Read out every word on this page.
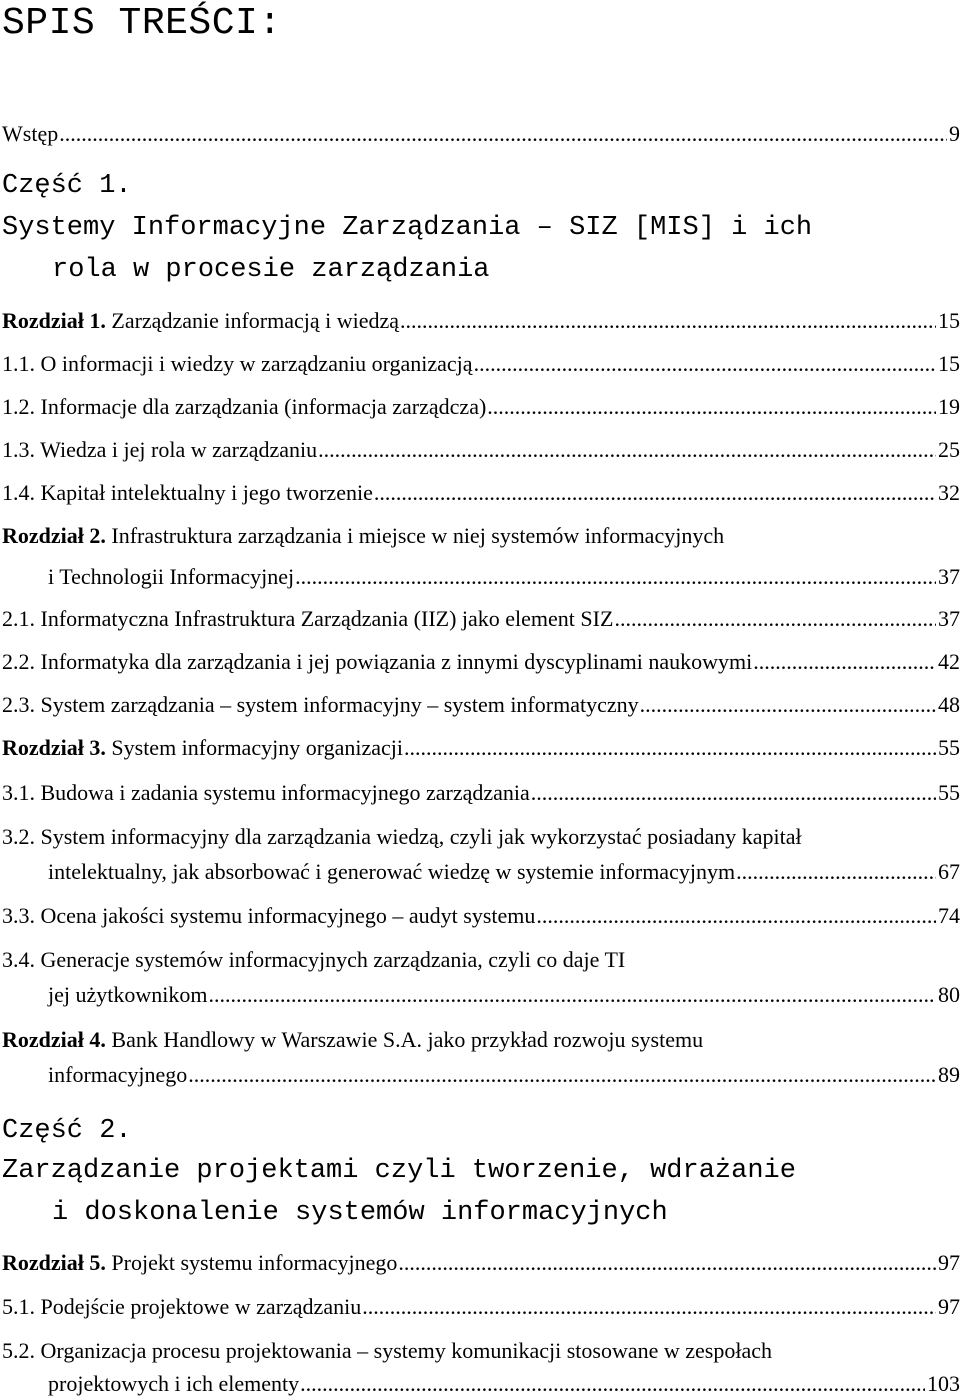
SPIS TREŚCI:
Wstęp .....	9
Część 1.
Systemy Informacyjne Zarządzania – SIZ [MIS] i ich
rola w procesie zarządzania
Rozdział 1. Zarządzanie informacją i wiedzą .....	15
1.1. O informacji i wiedzy w zarządzaniu organizacją .....	15
1.2. Informacje dla zarządzania (informacja zarządcza) .....	19
1.3. Wiedza i jej rola w zarządzaniu .....	25
1.4. Kapitał intelektualny i jego tworzenie .....	32
Rozdział 2. Infrastruktura zarządzania i miejsce w niej systemów informacyjnych
i Technologii Informacyjnej .....	37
2.1. Informatyczna Infrastruktura Zarządzania (IIZ) jako element SIZ .....	37
2.2. Informatyka dla zarządzania i jej powiązania z innymi dyscyplinami naukowymi .....	42
2.3. System zarządzania – system informacyjny – system informatyczny .....	48
Rozdział 3. System informacyjny organizacji .....	55
3.1. Budowa i zadania systemu informacyjnego zarządzania .....	55
3.2. System informacyjny dla zarządzania wiedzą, czyli jak wykorzystać posiadany kapitał
intelektualny, jak absorbować i generować wiedzę w systemie informacyjnym .....	67
3.3. Ocena jakości systemu informacyjnego – audyt systemu .....	74
3.4. Generacje systemów informacyjnych zarządzania, czyli co daje TI
jej użytkownikom .....	80
Rozdział 4. Bank Handlowy w Warszawie S.A. jako przykład rozwoju systemu
informacyjnego .....	89
Część 2.
Zarządzanie projektami czyli tworzenie, wdrażanie
i doskonalenie systemów informacyjnych
Rozdział 5. Projekt systemu informacyjnego .....	97
5.1. Podejście projektowe w zarządzaniu .....	97
5.2. Organizacja procesu projektowania – systemy komunikacji stosowane w zespołach
projektowych i ich elementy .....	103
